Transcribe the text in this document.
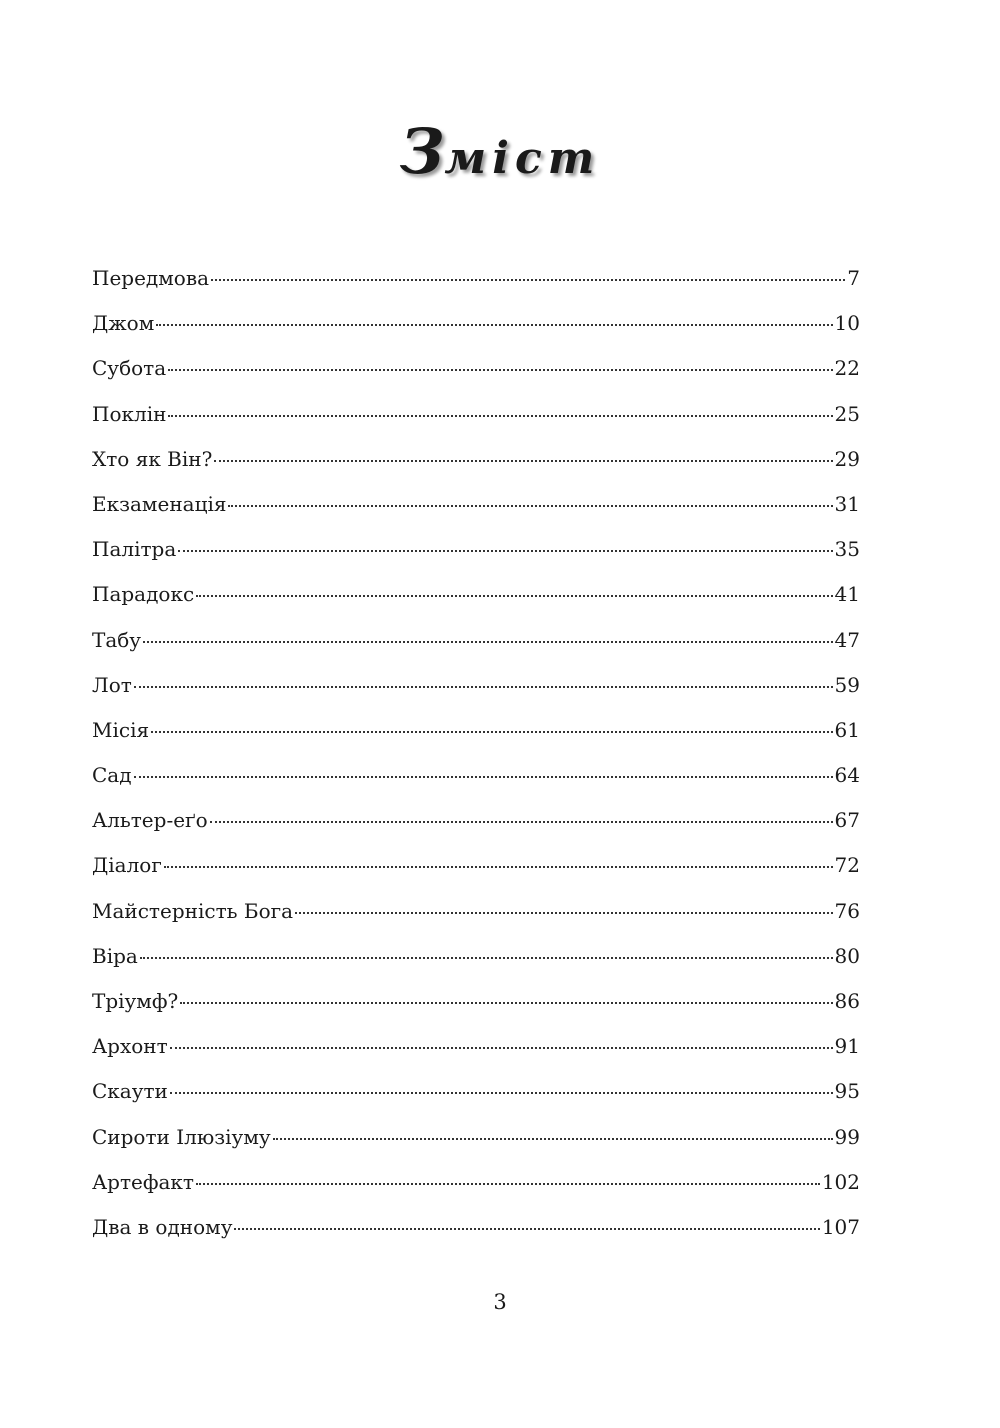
Зміст
Передмова	7
Джом	10
Субота	22
Поклін	25
Хто як Він?	29
Екзаменація	31
Палітра	35
Парадокс	41
Табу	47
Лот	59
Місія	61
Сад	64
Альтер-еґо	67
Діалог	72
Майстерність Бога	76
Віра	80
Тріумф?	86
Архонт	91
Скаути	95
Сироти Ілюзіуму	99
Артефакт	102
Два в одному	107
3
